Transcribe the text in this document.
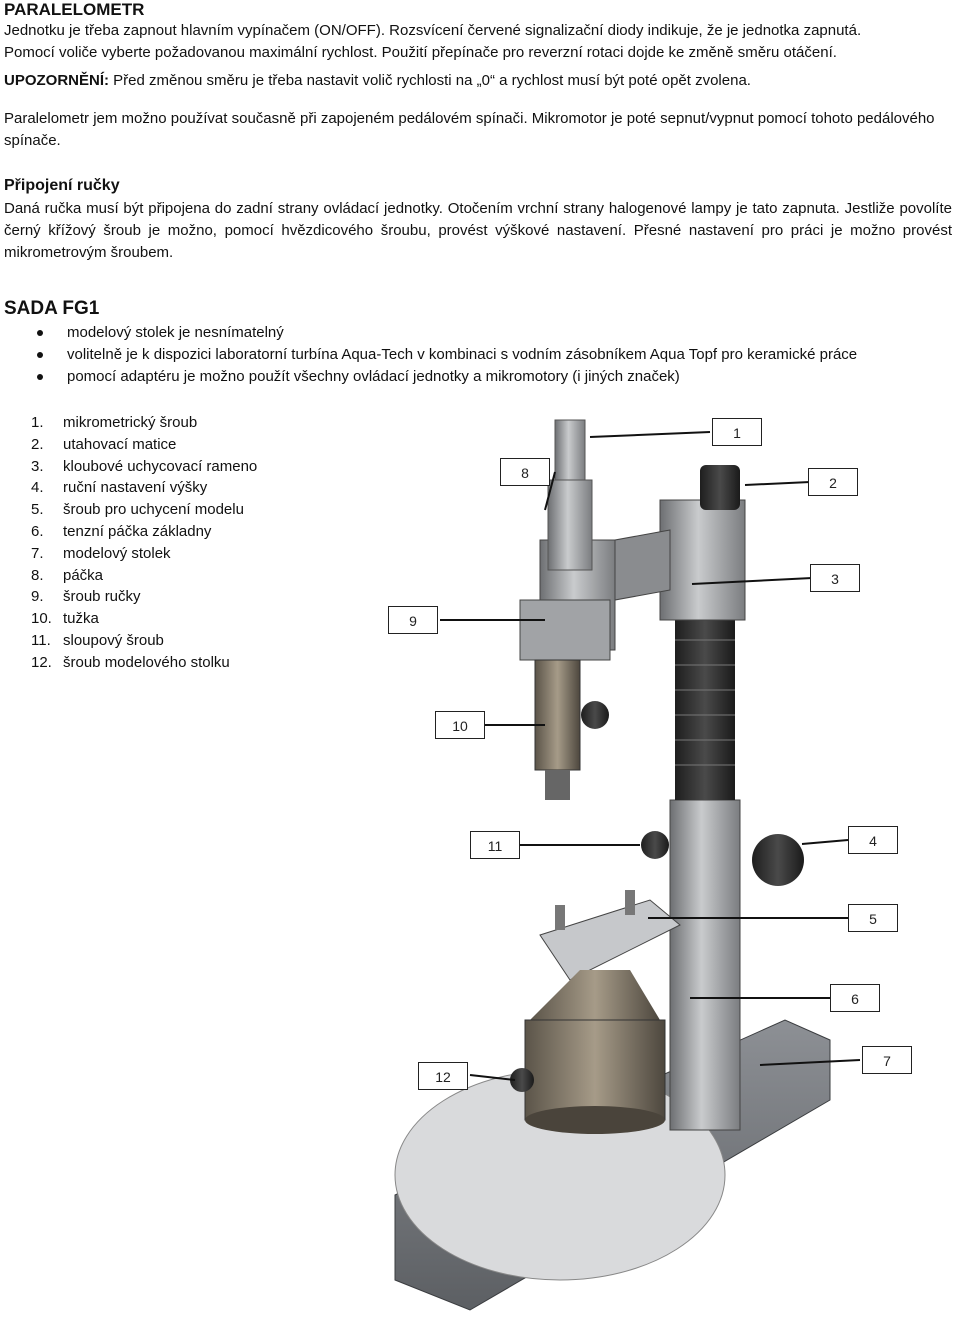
PARALELOMETR
Jednotku je třeba zapnout hlavním vypínačem (ON/OFF). Rozsvícení červené signalizační diody indikuje, že je jednotka zapnutá.
Pomocí voliče vyberte požadovanou maximální rychlost. Použití přepínače pro reverzní rotaci dojde ke změně směru otáčení.
UPOZORNĚNÍ: Před změnou směru je třeba nastavit volič rychlosti na „0“ a rychlost musí být poté opět zvolena.
Paralelometr jem možno používat současně při zapojeném pedálovém spínači. Mikromotor je poté sepnut/vypnut pomocí tohoto pedálového spínače.
Připojení ručky
Daná ručka musí být připojena do zadní strany ovládací jednotky. Otočením vrchní strany halogenové lampy je tato zapnuta. Jestliže povolíte černý křížový šroub je možno, pomocí hvězdicového šroubu, provést výškové nastavení. Přesné nastavení pro práci je možno provést mikrometrovým šroubem.
SADA FG1
modelový stolek je nesnímatelný
volitelně je k dispozici laboratorní turbína Aqua-Tech v kombinaci s vodním zásobníkem Aqua Topf pro keramické práce
pomocí adaptéru je možno použít všechny ovládací jednotky a mikromotory (i jiných značek)
1
2
3
4
5
6
7
8
9
10
11
12
1. mikrometrický šroub
2. utahovací matice
3. kloubové uchycovací rameno
4. ruční nastavení výšky
5. šroub pro uchycení modelu
6. tenzní páčka základny
7. modelový stolek
8. páčka
9. šroub ručky
10. tužka
11. sloupový šroub
12. šroub modelového stolku
